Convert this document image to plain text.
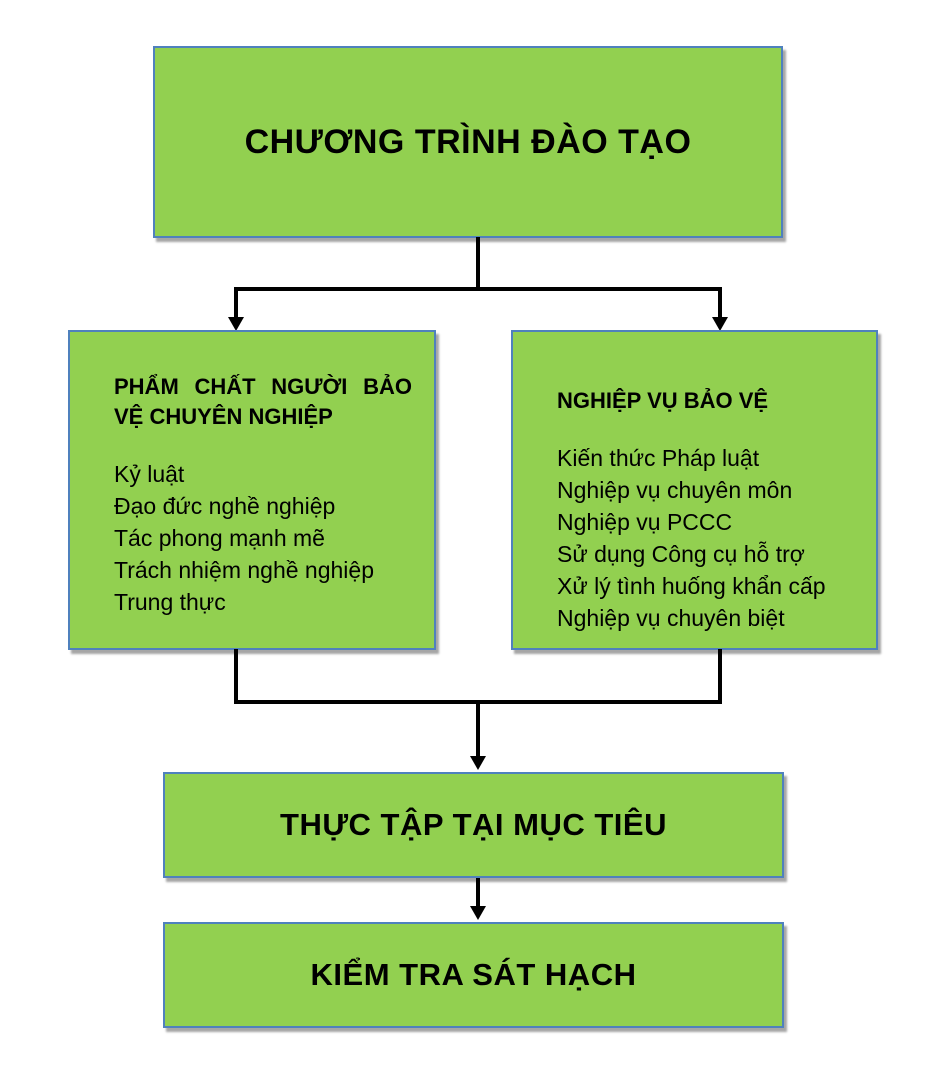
CHƯƠNG TRÌNH ĐÀO TẠO
PHẨM CHẤT NGƯỜI BẢO VỆ CHUYÊN NGHIỆP
Kỷ luật
Đạo đức nghề nghiệp
Tác phong mạnh mẽ
Trách nhiệm nghề nghiệp
Trung thực
NGHIỆP VỤ BẢO VỆ
Kiến thức Pháp luật
Nghiệp vụ chuyên môn
Nghiệp vụ PCCC
Sử dụng Công cụ hỗ trợ
Xử lý tình huống khẩn cấp
Nghiệp vụ chuyên biệt
THỰC TẬP TẠI MỤC TIÊU
KIỂM TRA SÁT HẠCH
